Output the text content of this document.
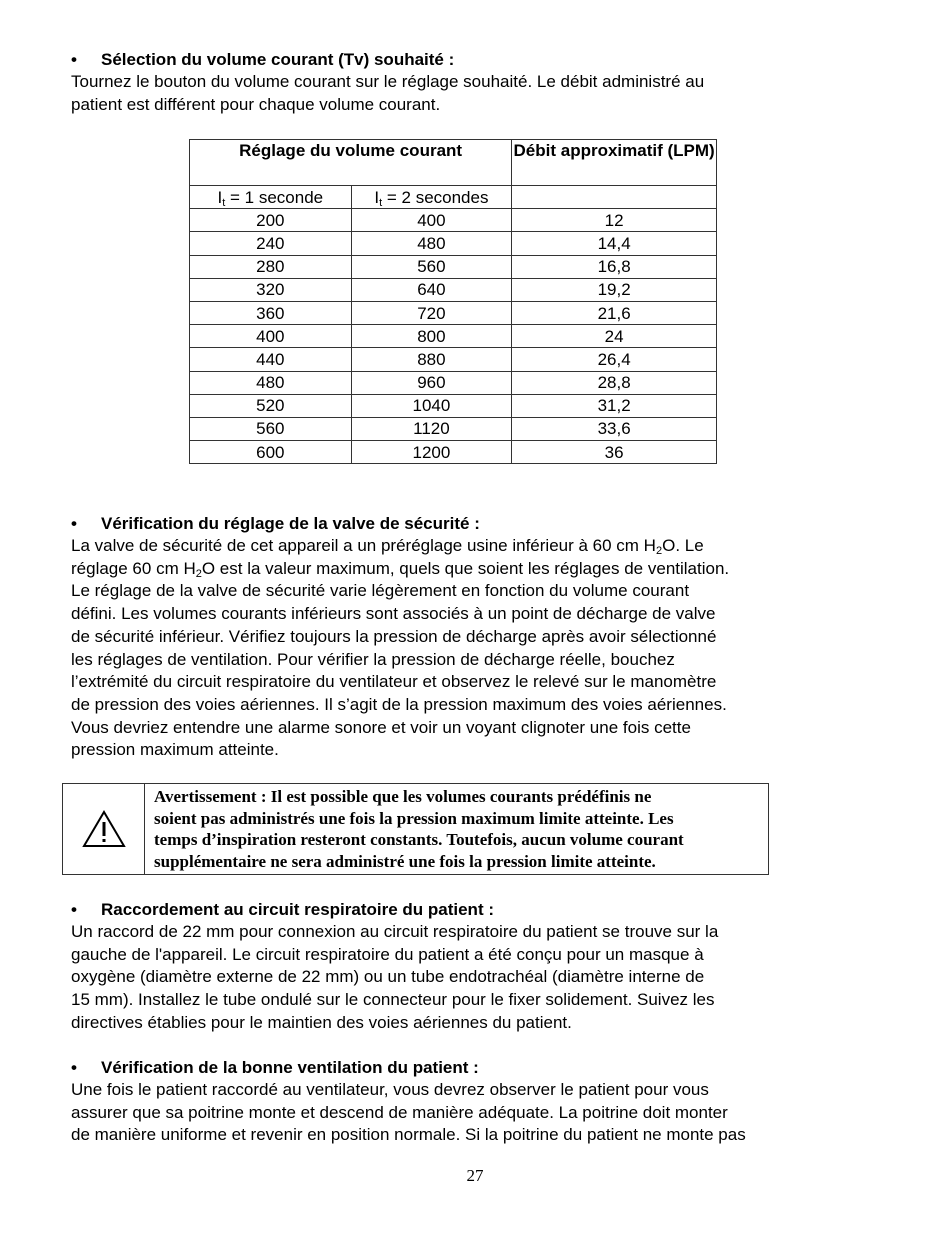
• Sélection du volume courant (Tv) souhaité :
Tournez le bouton du volume courant sur le réglage souhaité. Le débit administré au
patient est différent pour chaque volume courant.
Réglage du volume courant		Débit approximatif (LPM)
$I_t = 1$ seconde	$I_t = 2$ secondes	
200	400	12
240	480	14,4
280	560	16,8
320	640	19,2
360	720	21,6
400	800	24
440	880	26,4
480	960	28,8
520	1040	31,2
560	1120	33,6
600	1200	36
• Vérification du réglage de la valve de sécurité :
La valve de sécurité de cet appareil a un préréglage usine inférieur à 60 cm $H_2O$. Le
réglage 60 cm $H_2O$ est la valeur maximum, quels que soient les réglages de ventilation.
Le réglage de la valve de sécurité varie légèrement en fonction du volume courant
défini. Les volumes courants inférieurs sont associés à un point de décharge de valve
de sécurité inférieur. Vérifiez toujours la pression de décharge après avoir sélectionné
les réglages de ventilation. Pour vérifier la pression de décharge réelle, bouchez
l’extrémité du circuit respiratoire du ventilateur et observez le relevé sur le manomètre
de pression des voies aériennes. Il s’agit de la pression maximum des voies aériennes.
Vous devriez entendre une alarme sonore et voir un voyant clignoter une fois cette
pression maximum atteinte.
Avertissement : Il est possible que les volumes courants prédéfinis ne
soient pas administrés une fois la pression maximum limite atteinte. Les
temps d’inspiration resteront constants. Toutefois, aucun volume courant
supplémentaire ne sera administré une fois la pression limite atteinte.
• Raccordement au circuit respiratoire du patient :
Un raccord de 22 mm pour connexion au circuit respiratoire du patient se trouve sur la
gauche de l'appareil. Le circuit respiratoire du patient a été conçu pour un masque à
oxygène (diamètre externe de 22 mm) ou un tube endotrachéal (diamètre interne de
15 mm). Installez le tube ondulé sur le connecteur pour le fixer solidement. Suivez les
directives établies pour le maintien des voies aériennes du patient.
• Vérification de la bonne ventilation du patient :
Une fois le patient raccordé au ventilateur, vous devrez observer le patient pour vous
assurer que sa poitrine monte et descend de manière adéquate. La poitrine doit monter
de manière uniforme et revenir en position normale. Si la poitrine du patient ne monte pas
27
